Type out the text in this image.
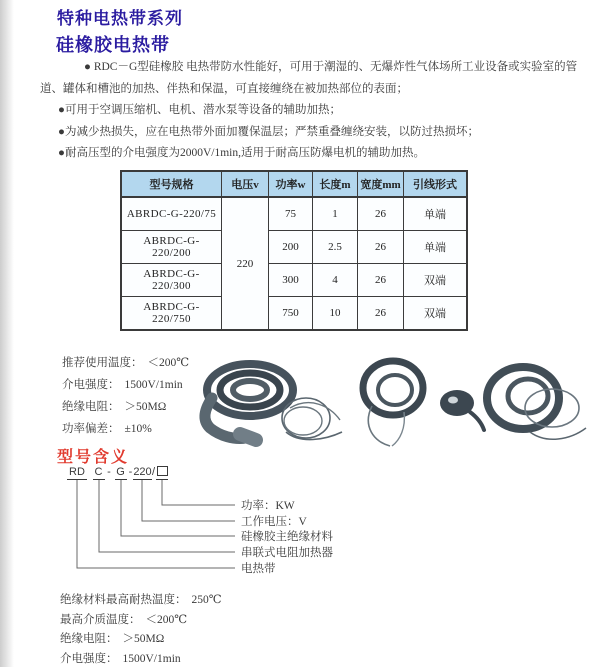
特种电热带系列
硅橡胶电热带

● RDC－G型硅橡胶 电热带防水性能好，可用于潮湿的、无爆炸性气体场所工业设备或实验室的管道、罐体和槽池的加热、伴热和保温，可直接缠绕在被加热部位的表面；

●可用于空调压缩机、电机、潜水泵等设备的辅助加热；

●为减少热损失，应在电热带外面加覆保温层；严禁重叠缠绕安装，以防过热损坏；

●耐高压型的介电强度为2000V/1min,适用于耐高压防爆电机的辅助加热。

型号规格	电压v	功率w	长度m	宽度mm	引线形式
ABRDC-G-220/75	220	75	1	26	单端
ABRDC-G-220/200		200	2.5	26	单端
ABRDC-G-220/300		300	4	26	双端
ABRDC-G-220/750		750	10	26	双端

推荐使用温度： ＜200℃

介电强度： 1500V/1min

绝缘电阻： ＞50MΩ

功率偏差： ±10%

型号含义
RD C - G - 220 /
功率：KW
工作电压：V
硅橡胶主绝缘材料
串联式电阻加热器
电热带

绝缘材料最高耐热温度： 250℃

最高介质温度： ＜200℃

绝缘电阻： ＞50MΩ

介电强度： 1500V/1min
